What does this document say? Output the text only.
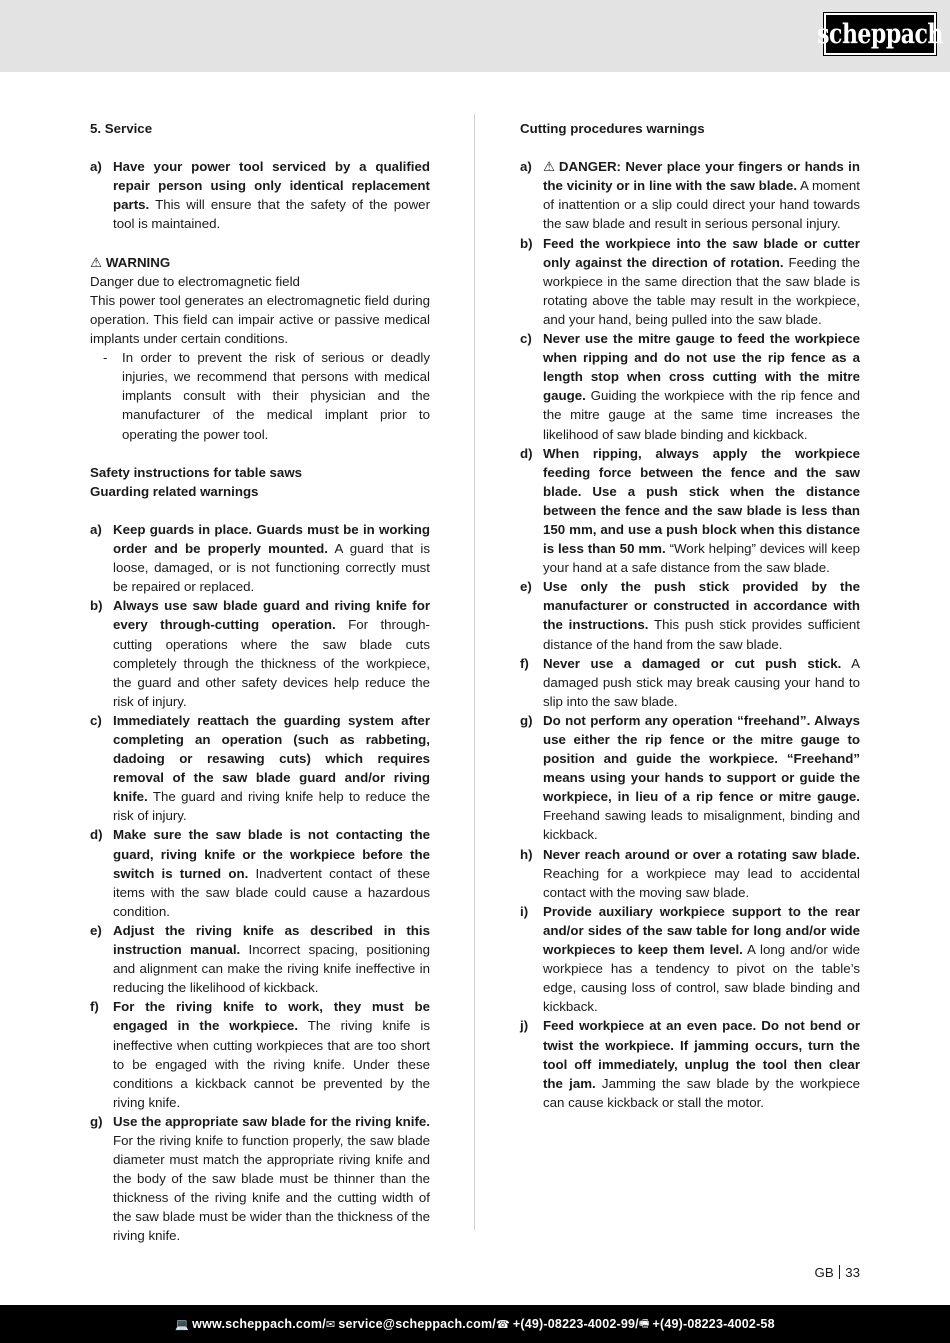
scheppach
5. Service
a) Have your power tool serviced by a qualified repair person using only identical replacement parts. This will ensure that the safety of the power tool is maintained.
⚠ WARNING
Danger due to electromagnetic field
This power tool generates an electromagnetic field during operation. This field can impair active or passive medical implants under certain conditions.
-	In order to prevent the risk of serious or deadly injuries, we recommend that persons with medical implants consult with their physician and the manufacturer of the medical implant prior to operating the power tool.
Safety instructions for table saws
Guarding related warnings
a) Keep guards in place. Guards must be in working order and be properly mounted. A guard that is loose, damaged, or is not functioning correctly must be repaired or replaced.
b) Always use saw blade guard and riving knife for every through-cutting operation. For through-cutting operations where the saw blade cuts completely through the thickness of the workpiece, the guard and other safety devices help reduce the risk of injury.
c) Immediately reattach the guarding system after completing an operation (such as rabbeting, dadoing or resawing cuts) which requires removal of the saw blade guard and/or riving knife. The guard and riving knife help to reduce the risk of injury.
d) Make sure the saw blade is not contacting the guard, riving knife or the workpiece before the switch is turned on. Inadvertent contact of these items with the saw blade could cause a hazardous condition.
e) Adjust the riving knife as described in this instruction manual. Incorrect spacing, positioning and alignment can make the riving knife ineffective in reducing the likelihood of kickback.
f)	For the riving knife to work, they must be engaged in the workpiece. The riving knife is ineffective when cutting workpieces that are too short to be engaged with the riving knife. Under these conditions a kickback cannot be prevented by the riving knife.
g) Use the appropriate saw blade for the riving knife. For the riving knife to function properly, the saw blade diameter must match the appropriate riving knife and the body of the saw blade must be thinner than the thickness of the riving knife and the cutting width of the saw blade must be wider than the thickness of the riving knife.
Cutting procedures warnings
a) ⚠ DANGER: Never place your fingers or hands in the vicinity or in line with the saw blade. A moment of inattention or a slip could direct your hand towards the saw blade and result in serious personal injury.
b) Feed the workpiece into the saw blade or cutter only against the direction of rotation. Feeding the workpiece in the same direction that the saw blade is rotating above the table may result in the workpiece, and your hand, being pulled into the saw blade.
c) Never use the mitre gauge to feed the workpiece when ripping and do not use the rip fence as a length stop when cross cutting with the mitre gauge. Guiding the workpiece with the rip fence and the mitre gauge at the same time increases the likelihood of saw blade binding and kickback.
d) When ripping, always apply the workpiece feeding force between the fence and the saw blade. Use a push stick when the distance between the fence and the saw blade is less than 150 mm, and use a push block when this distance is less than 50 mm. “Work helping” devices will keep your hand at a safe distance from the saw blade.
e) Use only the push stick provided by the manufacturer or constructed in accordance with the instructions. This push stick provides sufficient distance of the hand from the saw blade.
f)	Never use a damaged or cut push stick. A damaged push stick may break causing your hand to slip into the saw blade.
g) Do not perform any operation “freehand”. Always use either the rip fence or the mitre gauge to position and guide the workpiece. “Freehand” means using your hands to support or guide the workpiece, in lieu of a rip fence or mitre gauge. Freehand sawing leads to misalignment, binding and kickback.
h) Never reach around or over a rotating saw blade. Reaching for a workpiece may lead to accidental contact with the moving saw blade.
i)	Provide auxiliary workpiece support to the rear and/or sides of the saw table for long and/or wide workpieces to keep them level. A long and/or wide workpiece has a tendency to pivot on the table’s edge, causing loss of control, saw blade binding and kickback.
j)	Feed workpiece at an even pace. Do not bend or twist the workpiece. If jamming occurs, turn the tool off immediately, unplug the tool then clear the jam. Jamming the saw blade by the workpiece can cause kickback or stall the motor.
GB 33
💻 www.scheppach.com / ✉ service@scheppach.com / ☎ +(49)-08223-4002-99 / 🖷 +(49)-08223-4002-58
